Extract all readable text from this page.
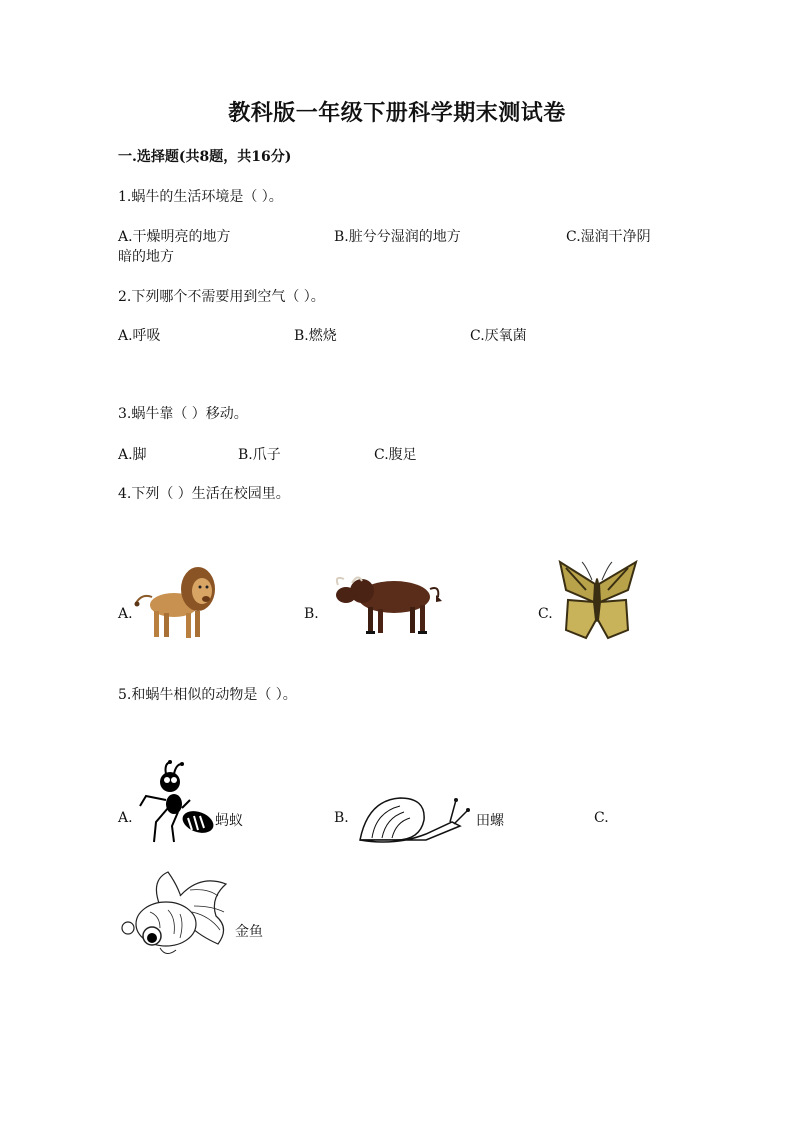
教科版一年级下册科学期末测试卷
一.选择题(共8题，共16分)
1.蜗牛的生活环境是（ ）。
A.干燥明亮的地方	B.脏兮兮湿润的地方	C.湿润干净阴
暗的地方
2.下列哪个不需要用到空气（ ）。
A.呼吸	B.燃烧	C.厌氧菌
3.蜗牛靠（ ）移动。
A.脚	B.爪子	C.腹足
4.下列（ ）生活在校园里。
A.	B.	C.
5.和蜗牛相似的动物是（ ）。
A.	蚂蚁	B.	田螺	C.
金鱼
